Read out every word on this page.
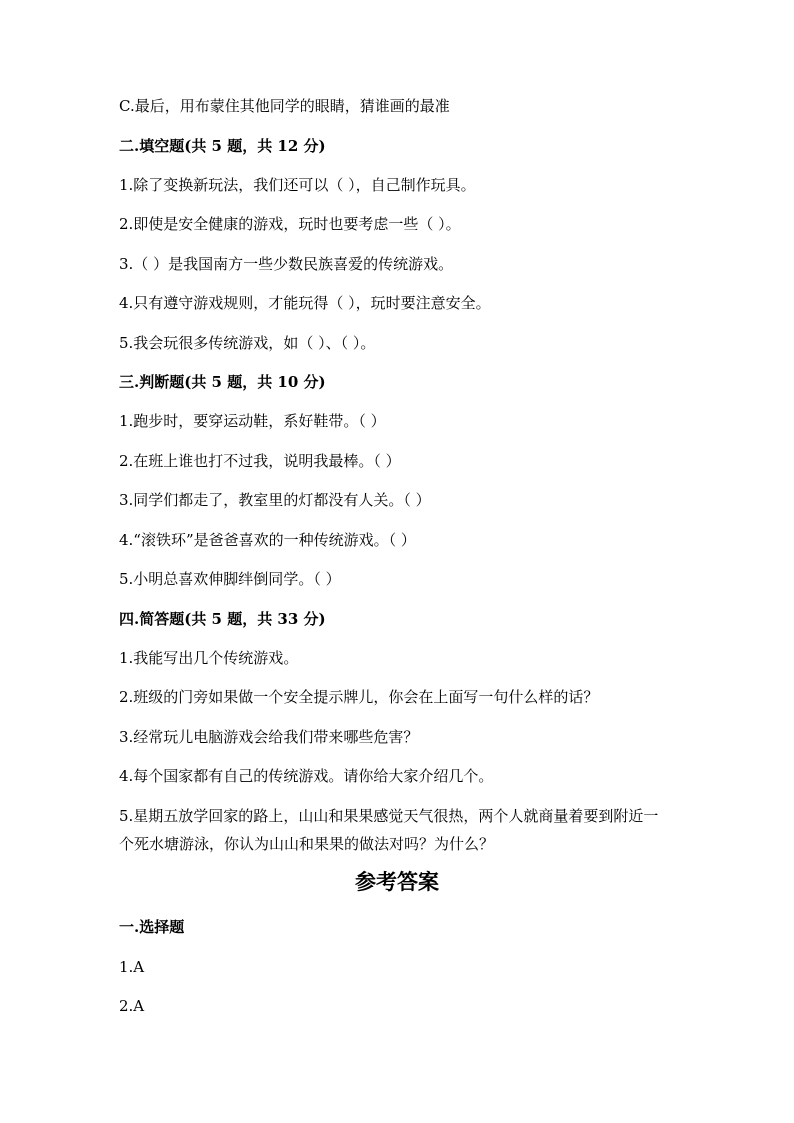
C.最后，用布蒙住其他同学的眼睛，猜谁画的最准
二.填空题(共 5 题，共 12 分)
1.除了变换新玩法，我们还可以（ ），自己制作玩具。
2.即使是安全健康的游戏，玩时也要考虑一些（ ）。
3.（ ）是我国南方一些少数民族喜爱的传统游戏。
4.只有遵守游戏规则，才能玩得（ ），玩时要注意安全。
5.我会玩很多传统游戏，如（ ）、（ ）。
三.判断题(共 5 题，共 10 分)
1.跑步时，要穿运动鞋，系好鞋带。（ ）
2.在班上谁也打不过我，说明我最棒。（ ）
3.同学们都走了，教室里的灯都没有人关。（ ）
4.“滚铁环”是爸爸喜欢的一种传统游戏。（ ）
5.小明总喜欢伸脚绊倒同学。（ ）
四.简答题(共 5 题，共 33 分)
1.我能写出几个传统游戏。
2.班级的门旁如果做一个安全提示牌儿，你会在上面写一句什么样的话？
3.经常玩儿电脑游戏会给我们带来哪些危害？
4.每个国家都有自己的传统游戏。请你给大家介绍几个。
5.星期五放学回家的路上，山山和果果感觉天气很热，两个人就商量着要到附近一个死水塘游泳，你认为山山和果果的做法对吗？为什么？
参考答案
一.选择题
1.A
2.A
